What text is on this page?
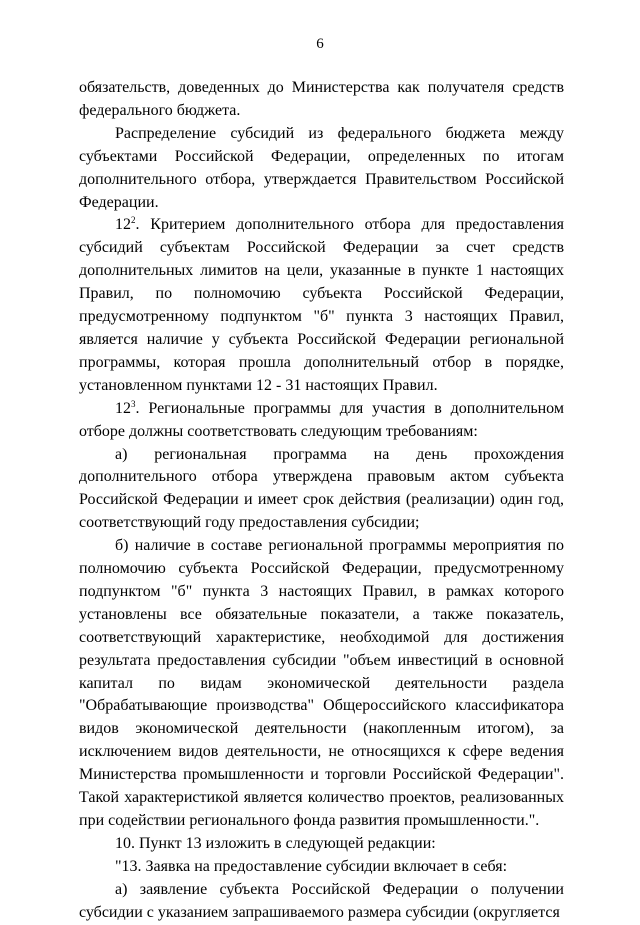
6

обязательств, доведенных до Министерства как получателя средств федерального бюджета.

Распределение субсидий из федерального бюджета между субъектами Российской Федерации, определенных по итогам дополнительного отбора, утверждается Правительством Российской Федерации.

$12^2$. Критерием дополнительного отбора для предоставления субсидий субъектам Российской Федерации за счет средств дополнительных лимитов на цели, указанные в пункте 1 настоящих Правил, по полномочию субъекта Российской Федерации, предусмотренному подпунктом "б" пункта 3 настоящих Правил, является наличие у субъекта Российской Федерации региональной программы, которая прошла дополнительный отбор в порядке, установленном пунктами 12 - 31 настоящих Правил.

$12^3$. Региональные программы для участия в дополнительном отборе должны соответствовать следующим требованиям:

а) региональная программа на день прохождения дополнительного отбора утверждена правовым актом субъекта Российской Федерации и имеет срок действия (реализации) один год, соответствующий году предоставления субсидии;

б) наличие в составе региональной программы мероприятия по полномочию субъекта Российской Федерации, предусмотренному подпунктом "б" пункта 3 настоящих Правил, в рамках которого установлены все обязательные показатели, а также показатель, соответствующий характеристике, необходимой для достижения результата предоставления субсидии "объем инвестиций в основной капитал по видам экономической деятельности раздела "Обрабатывающие производства" Общероссийского классификатора видов экономической деятельности (накопленным итогом), за исключением видов деятельности, не относящихся к сфере ведения Министерства промышленности и торговли Российской Федерации". Такой характеристикой является количество проектов, реализованных при содействии регионального фонда развития промышленности.".

10. Пункт 13 изложить в следующей редакции:

"13. Заявка на предоставление субсидии включает в себя:

а) заявление субъекта Российской Федерации о получении субсидии с указанием запрашиваемого размера субсидии (округляется
